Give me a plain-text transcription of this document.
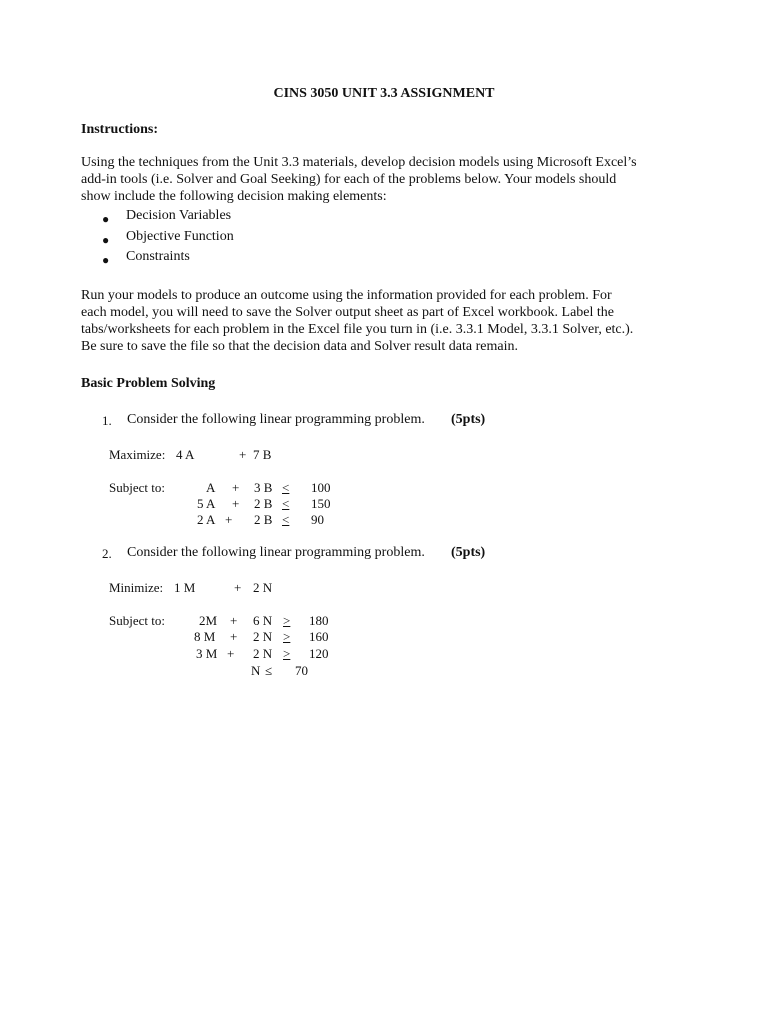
CINS 3050 UNIT 3.3 ASSIGNMENT
Instructions:
Using the techniques from the Unit 3.3 materials, develop decision models using Microsoft Excel’s
add-in tools (i.e. Solver and Goal Seeking) for each of the problems below. Your models should
show include the following decision making elements:
● Decision Variables
● Objective Function
● Constraints
Run your models to produce an outcome using the information provided for each problem. For
each model, you will need to save the Solver output sheet as part of Excel workbook. Label the
tabs/worksheets for each problem in the Excel file you turn in (i.e. 3.3.1 Model, 3.3.1 Solver, etc.).
Be sure to save the file so that the decision data and Solver result data remain.
Basic Problem Solving
1. Consider the following linear programming problem. (5pts)
Maximize: 4 A	+ 7 B
Subject to:	A + 3 B < 100
5 A + 2 B < 150
2 A + 2 B < 90
2. Consider the following linear programming problem. (5pts)
Minimize: 1 M	+ 2 N
Subject to:	2M + 6 N > 180
8 M + 2 N > 160
3 M + 2 N > 120
N ≤ 70
